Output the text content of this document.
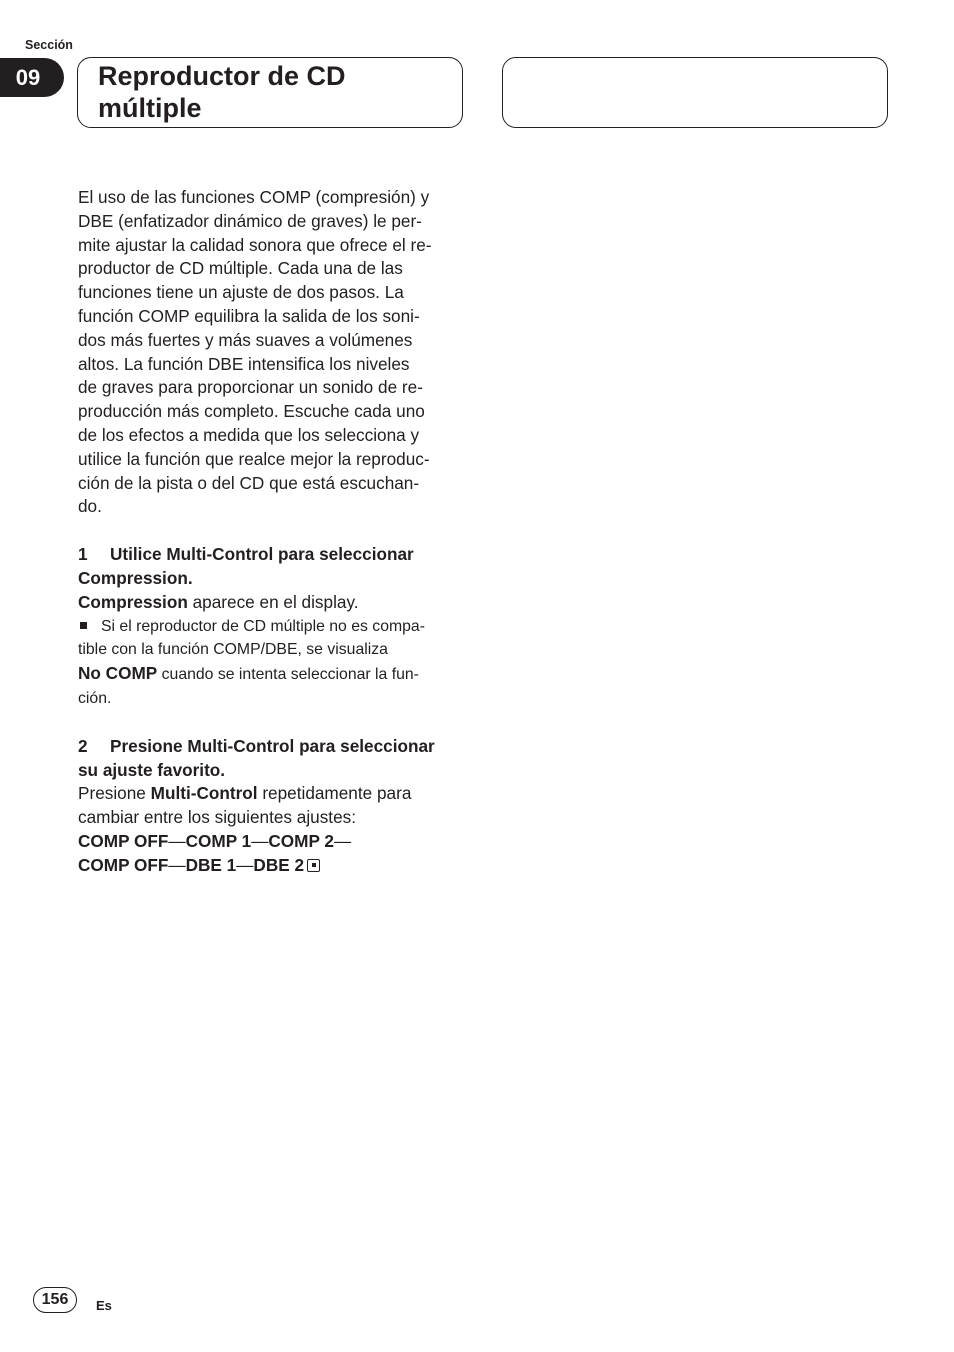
Sección
09	Reproductor de CD
múltiple
El uso de las funciones COMP (compresión) y
DBE (enfatizador dinámico de graves) le per-
mite ajustar la calidad sonora que ofrece el re-
productor de CD múltiple. Cada una de las
funciones tiene un ajuste de dos pasos. La
función COMP equilibra la salida de los soni-
dos más fuertes y más suaves a volúmenes
altos. La función DBE intensifica los niveles
de graves para proporcionar un sonido de re-
producción más completo. Escuche cada uno
de los efectos a medida que los selecciona y
utilice la función que realce mejor la reproduc-
ción de la pista o del CD que está escuchan-
do.
1 Utilice Multi-Control para seleccionar
Compression.
Compression aparece en el display.
Si el reproductor de CD múltiple no es compa-
tible con la función COMP/DBE, se visualiza
No COMP cuando se intenta seleccionar la fun-
ción.
2 Presione Multi-Control para seleccionar
su ajuste favorito.
Presione Multi-Control repetidamente para
cambiar entre los siguientes ajustes:
COMP OFF—COMP 1—COMP 2—
COMP OFF—DBE 1—DBE 2
156	Es
